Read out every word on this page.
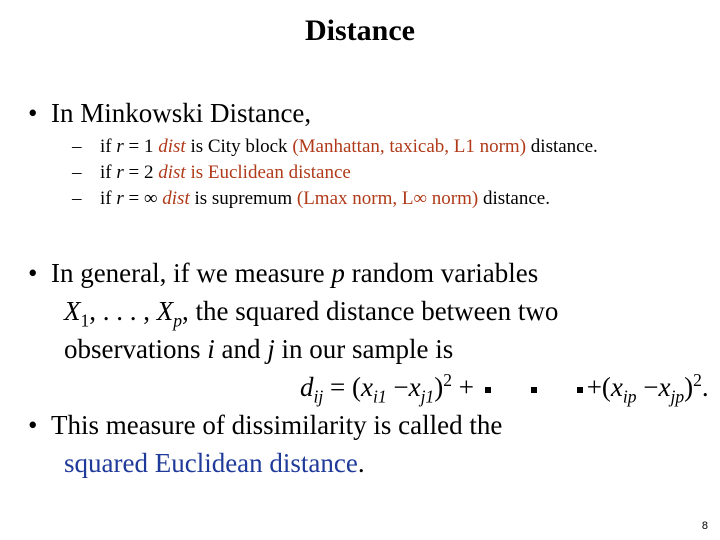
Distance
• In Minkowski Distance,
– if r = 1 dist is City block (Manhattan, taxicab, L1 norm) distance.
– if r = 2 dist is Euclidean distance
– if r = ∞ dist is supremum (Lmax norm, L∞ norm) distance.
• In general, if we measure p random variables
$X_1$, . . . , $X_p$, the squared distance between two
observations i and j in our sample is
$d_{ij} = (x_{i1} -x_{j1})^2$ +	$+(x_{ip} -x_{jp})^2$.
• This measure of dissimilarity is called the
squared Euclidean distance.
8
